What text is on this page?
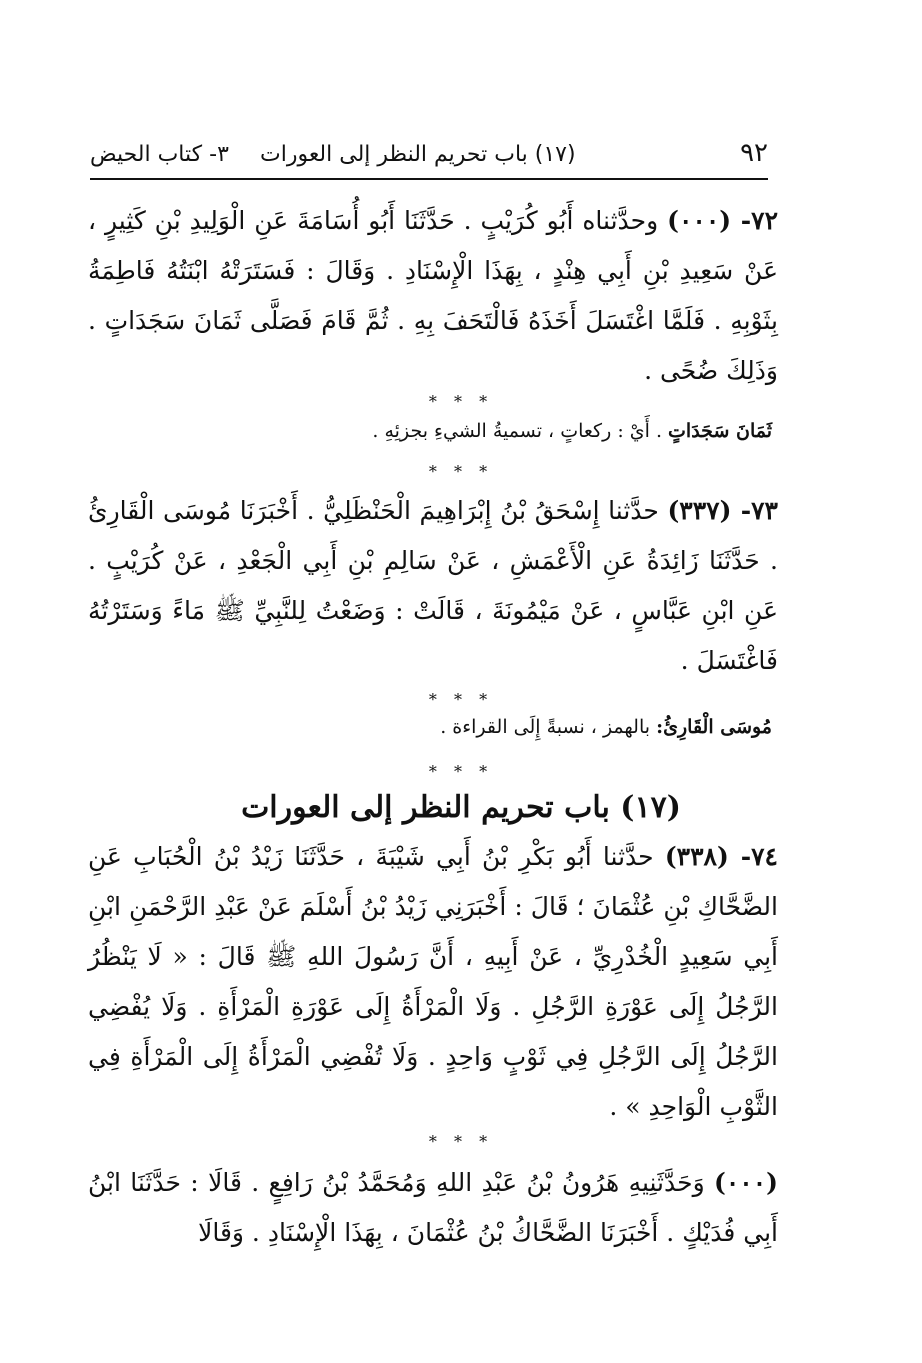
٩٢
(١٧) باب تحريم النظر إلى العورات
٣- كتاب الحيض

٧٢- (٠٠٠) وحدَّثناه أَبُو كُرَيْبٍ . حَدَّثَنَا أَبُو أُسَامَةَ عَنِ الْوَلِيدِ بْنِ كَثِيرٍ ، عَنْ سَعِيدِ بْنِ أَبِي هِنْدٍ ، بِهَذَا الْإِسْنَادِ . وَقَالَ : فَسَتَرَتْهُ ابْنَتُهُ فَاطِمَةُ بِثَوْبِهِ . فَلَمَّا اغْتَسَلَ أَخَذَهُ فَالْتَحَفَ بِهِ . ثُمَّ قَامَ فَصَلَّى ثَمَانَ سَجَدَاتٍ . وَذَلِكَ ضُحًى .

* * *

ثَمَانَ سَجَدَاتٍ . أَيْ : ركعاتٍ ، تسميةُ الشيءِ بجزئِهِ .

* * *

٧٣- (٣٣٧) حدَّثنا إِسْحَقُ بْنُ إِبْرَاهِيمَ الْحَنْظَلِيُّ . أَخْبَرَنَا مُوسَى الْقَارِئُ . حَدَّثَنَا زَائِدَةُ عَنِ الْأَعْمَشِ ، عَنْ سَالِمِ بْنِ أَبِي الْجَعْدِ ، عَنْ كُرَيْبٍ . عَنِ ابْنِ عَبَّاسٍ ، عَنْ مَيْمُونَةَ ، قَالَتْ : وَضَعْتُ لِلنَّبِيِّ ﷺ مَاءً وَسَتَرْتُهُ فَاغْتَسَلَ .

* * *

مُوسَى الْقَارِئُ: بالهمز ، نسبةً إِلَى القراءة .

* * *
(١٧) باب تحريم النظر إلى العورات

٧٤- (٣٣٨) حدَّثنا أَبُو بَكْرِ بْنُ أَبِي شَيْبَةَ ، حَدَّثَنَا زَيْدُ بْنُ الْحُبَابِ عَنِ الضَّحَّاكِ بْنِ عُثْمَانَ ؛ قَالَ : أَخْبَرَنِي زَيْدُ بْنُ أَسْلَمَ عَنْ عَبْدِ الرَّحْمَنِ ابْنِ أَبِي سَعِيدٍ الْخُدْرِيِّ ، عَنْ أَبِيهِ ، أَنَّ رَسُولَ اللهِ ﷺ قَالَ : « لَا يَنْظُرُ الرَّجُلُ إِلَى عَوْرَةِ الرَّجُلِ . وَلَا الْمَرْأَةُ إِلَى عَوْرَةِ الْمَرْأَةِ . وَلَا يُفْضِي الرَّجُلُ إِلَى الرَّجُلِ فِي ثَوْبٍ وَاحِدٍ . وَلَا تُفْضِي الْمَرْأَةُ إِلَى الْمَرْأَةِ فِي الثَّوْبِ الْوَاحِدِ » .

* * *

(٠٠٠) وَحَدَّثَنِيهِ هَرُونُ بْنُ عَبْدِ اللهِ وَمُحَمَّدُ بْنُ رَافِعٍ . قَالَا : حَدَّثَنَا ابْنُ أَبِي فُدَيْكٍ . أَخْبَرَنَا الضَّحَّاكُ بْنُ عُثْمَانَ ، بِهَذَا الْإِسْنَادِ . وَقَالَا
